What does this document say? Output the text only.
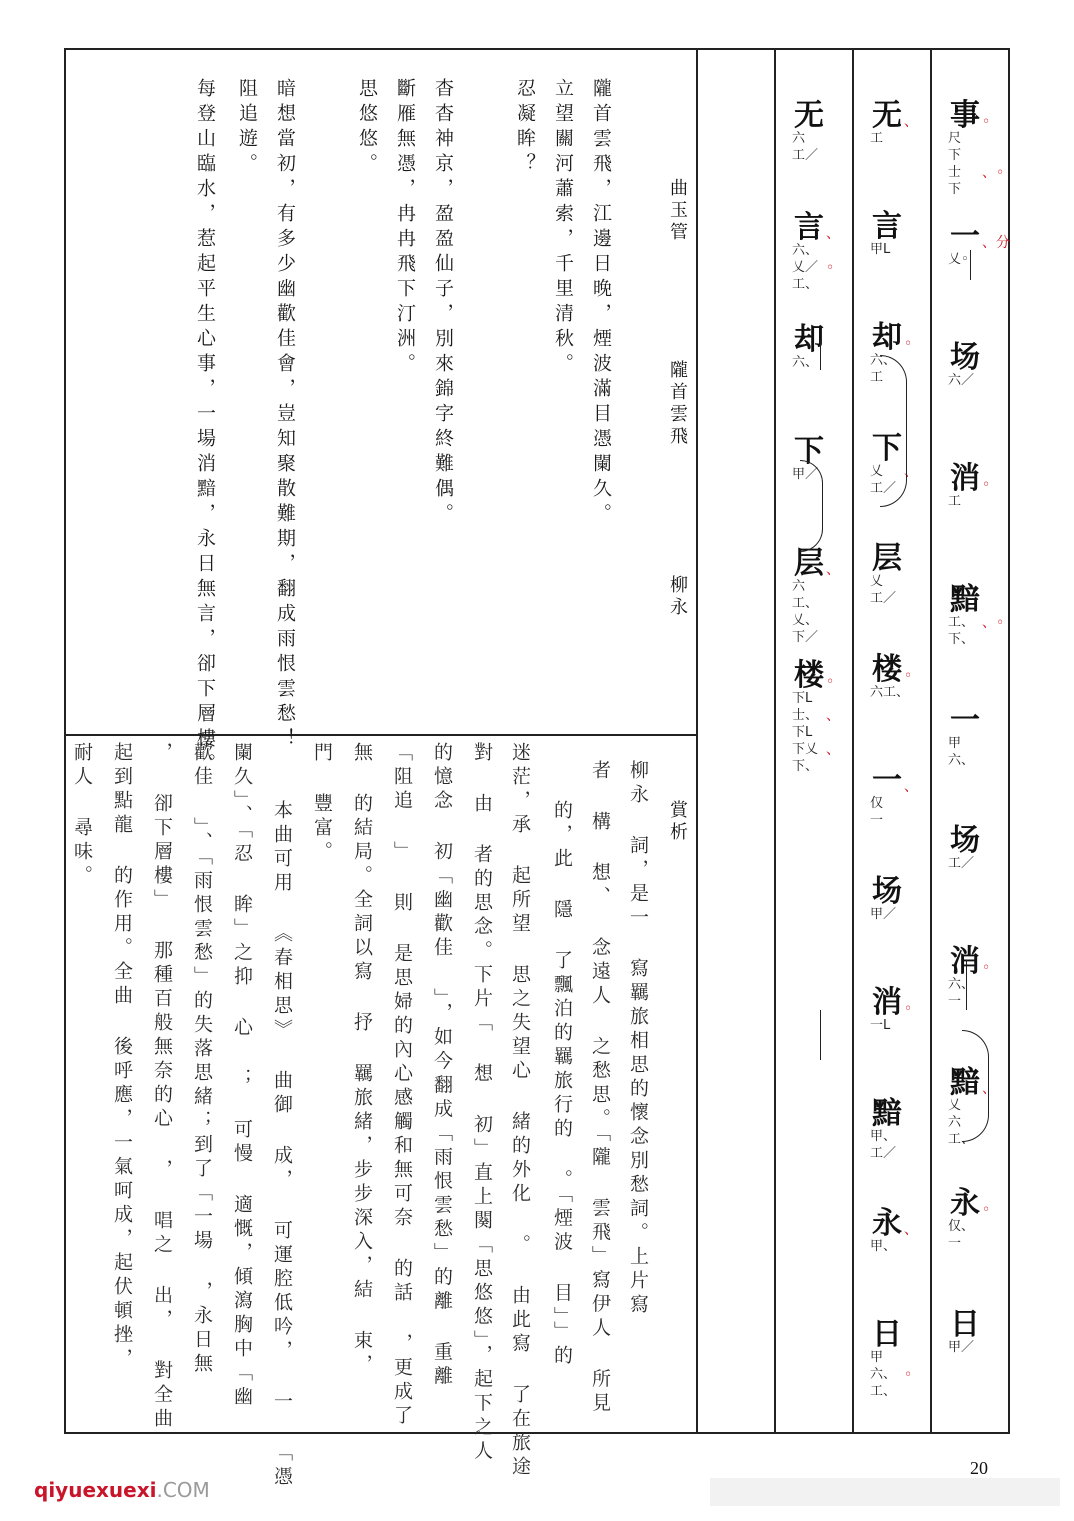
曲玉管
隴首雲飛
柳永
隴首雲飛，江邊日晚，煙波滿目憑闌久。
立望關河蕭索，千里清秋。
忍凝眸？
杳杳神京，盈盈仙子，別來錦字終難偶。
斷雁無憑，冉冉飛下汀洲。
思悠悠。
暗想當初，有多少幽歡佳會，豈知聚散難期，翻成雨恨雲愁！
阻追遊。
每登山臨水，惹起平生心事，一場消黯，永日無言，卻下層樓。
賞析
柳永 詞，是一 寫羈旅相思的懷念別愁詞。上片寫
者 構 想、 念遠人 之愁思。「隴 雲飛」寫伊人 所見
的，此 隱 了飄泊的羈旅行的 。「煙波 目」」的
迷茫，承 起所望 思之失望心 緒的外化 。 由此寫 了在旅途
對 由 者的思念。下片「 想 初」直上闋「思悠悠」，起下之人
的憶念 初「幽歡佳 」，如今翻成「雨恨雲愁」的離 重離
「阻追 」 則 是思婦的內心感觸和無可奈 的話 ，更成了
無 的結局。全詞以寫 抒 羈旅緒，步步深入，結 束，
門 豐富。
本曲可用 《春相思》 曲御 成， 可運腔低吟， 一 「憑
闌久」、「忍 眸」之抑 心 ； 可慢 適慨，傾瀉胸中「幽
歡佳 」、「雨恨雲愁」的失落思緒；到了「一場 ，永日無
， 卻下層樓」 那種百般無奈的心 ， 唱之 出， 對全曲
起到點龍 的作用。全曲 後呼應，一氣呵成，起伏頓挫，
耐人 尋味。
事
尺
下
士
下
◦

、◦
一
乂◦
、分
场
六／
消
工
◦
黯
工、
下、

、◦
一
甲
六、
场
工／
消
六、
一
◦
黯
乂
六
工、
、
永
仅、
一
◦
日
甲／
无
工
、
言
甲L
却
六、
工
◦
下
乂
工／

、
层
乂
工／
楼
六工、
◦
一
仅
一
、
场
甲／
消
一L
◦
黯
甲、
工／
永
甲、
、
日
甲
六、
工、

◦
无
六
工／
言
六、
乂／
工、
、

◦
却
六、
下
甲／
层
六
工、
乂、
下／
、
楼
下L
士、
下L
下乂
下、
◦

、

、
20
qiyuexuexi.COM
